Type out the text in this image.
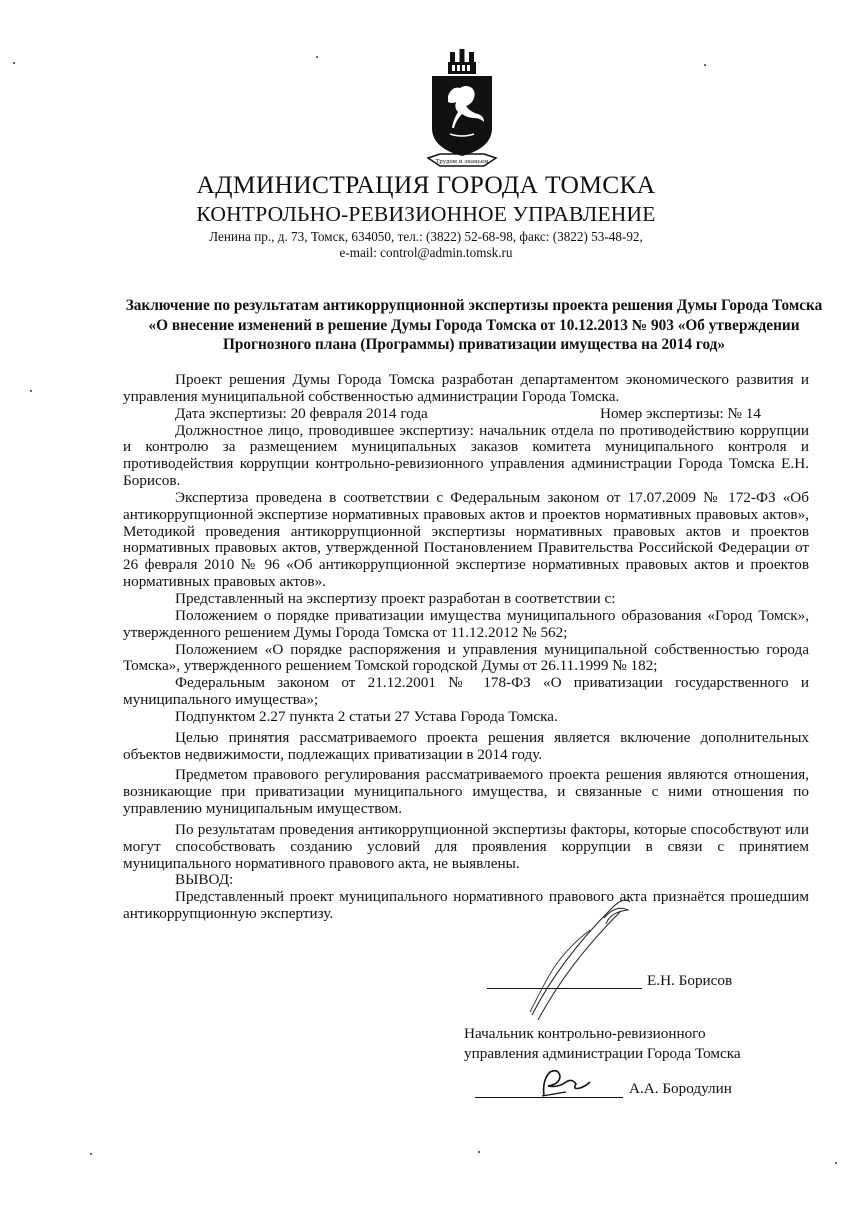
Трудом и знаньем
АДМИНИСТРАЦИЯ ГОРОДА ТОМСКА
КОНТРОЛЬНО-РЕВИЗИОННОЕ УПРАВЛЕНИЕ
Ленина пр., д. 73, Томск, 634050, тел.: (3822) 52-68-98, факс: (3822) 53-48-92,
e-mail: control@admin.tomsk.ru
Заключение по результатам антикоррупционной экспертизы проекта решения Думы Города Томска «О внесение изменений в решение Думы Города Томска от 10.12.2013 № 903 «Об утверждении Прогнозного плана (Программы) приватизации имущества на 2014 год»

Проект решения Думы Города Томска разработан департаментом экономического развития и управления муниципальной собственностью администрации Города Томска.

Дата экспертизы: 20 февраля 2014 года	Номер экспертизы: № 14

Должностное лицо, проводившее экспертизу: начальник отдела по противодействию коррупции и контролю за размещением муниципальных заказов комитета муниципального контроля и противодействия коррупции контрольно-ревизионного управления администрации Города Томска Е.Н. Борисов.

Экспертиза проведена в соответствии с Федеральным законом от 17.07.2009 № 172-ФЗ «Об антикоррупционной экспертизе нормативных правовых актов и проектов нормативных правовых актов», Методикой проведения антикоррупционной экспертизы нормативных правовых актов и проектов нормативных правовых актов, утвержденной Постановлением Правительства Российской Федерации от 26 февраля 2010 № 96 «Об антикоррупционной экспертизе нормативных правовых актов и проектов нормативных правовых актов».

Представленный на экспертизу проект разработан в соответствии с:

Положением о порядке приватизации имущества муниципального образования «Город Томск», утвержденного решением Думы Города Томска от 11.12.2012 № 562;

Положением «О порядке распоряжения и управления муниципальной собственностью города Томска», утвержденного решением Томской городской Думы от 26.11.1999 № 182;

Федеральным законом от 21.12.2001 № 178-ФЗ «О приватизации государственного и муниципального имущества»;

Подпунктом 2.27 пункта 2 статьи 27 Устава Города Томска.

Целью принятия рассматриваемого проекта решения является включение дополнительных объектов недвижимости, подлежащих приватизации в 2014 году.

Предметом правового регулирования рассматриваемого проекта решения являются отношения, возникающие при приватизации муниципального имущества, и связанные с ними отношения по управлению муниципальным имуществом.

По результатам проведения антикоррупционной экспертизы факторы, которые способствуют или могут способствовать созданию условий для проявления коррупции в связи с принятием муниципального нормативного правового акта, не выявлены.

ВЫВОД:

Представленный проект муниципального нормативного правового акта признаётся прошедшим антикоррупционную экспертизу.

Е.Н. Борисов
Начальник контрольно-ревизионного
управления администрации Города Томска
А.А. Бородулин
